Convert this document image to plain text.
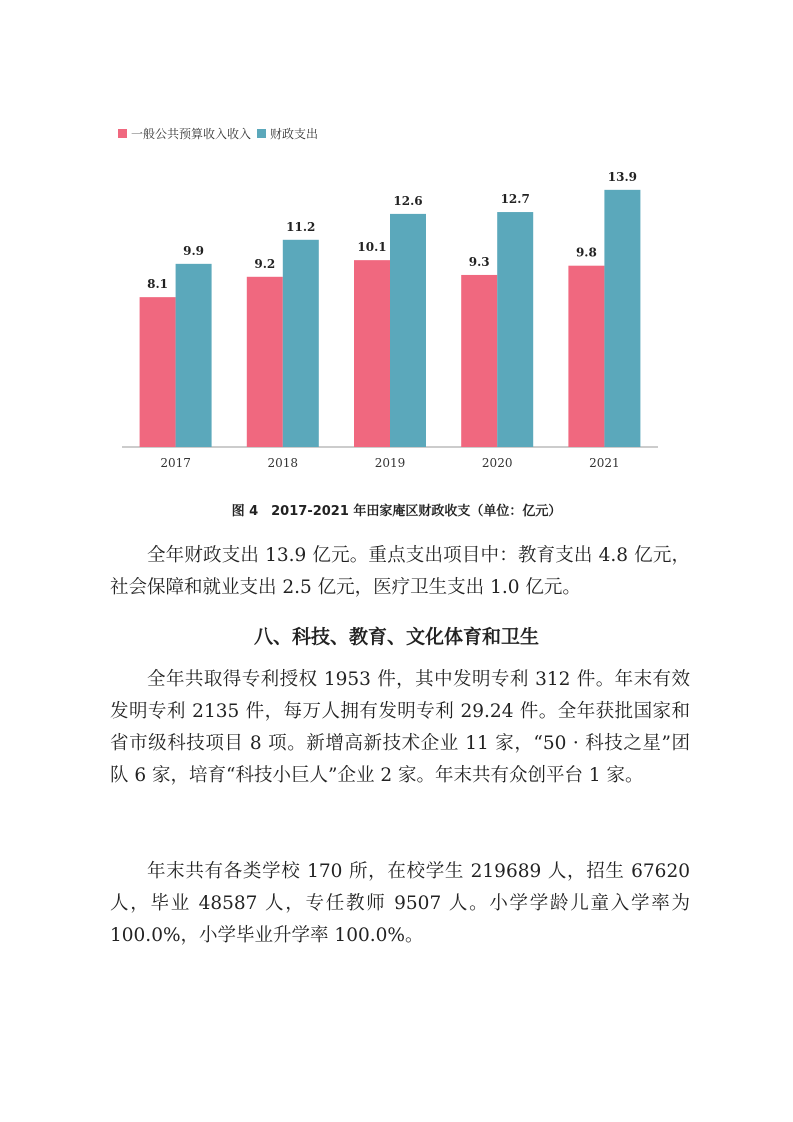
一般公共预算收入收入 财政支出
8.1
9.9
2017
9.2
11.2
2018
10.1
12.6
2019
9.3
12.7
2020
9.8
13.9
2021
图 4　2017-2021 年田家庵区财政收支（单位：亿元）

全年财政支出 13.9 亿元。重点支出项目中：教育支出 4.8 亿元，社会保障和就业支出 2.5 亿元，医疗卫生支出 1.0 亿元。

八、科技、教育、文化体育和卫生

全年共取得专利授权 1953 件，其中发明专利 312 件。年末有效发明专利 2135 件，每万人拥有发明专利 29.24 件。全年获批国家和省市级科技项目 8 项。新增高新技术企业 11 家，“50 · 科技之星”团队 6 家，培育“科技小巨人”企业 2 家。年末共有众创平台 1 家。

年末共有各类学校 170 所，在校学生 219689 人，招生 67620 人，毕业 48587 人，专任教师 9507 人。小学学龄儿童入学率为 100.0%，小学毕业升学率 100.0%。
